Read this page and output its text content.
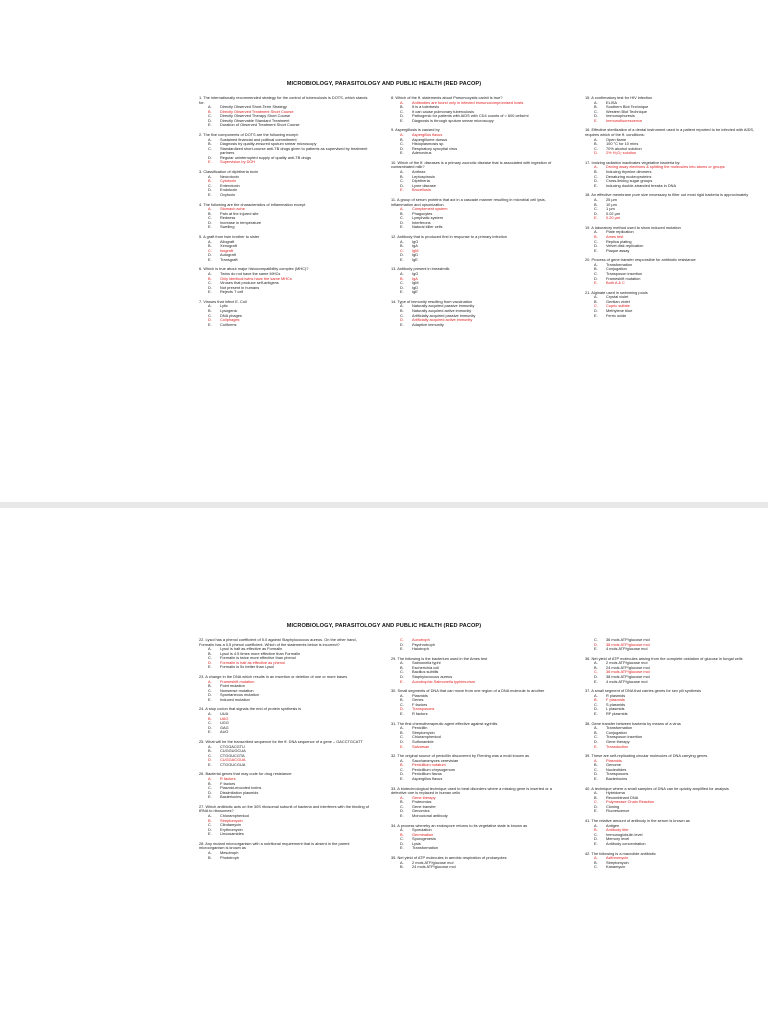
MICROBIOLOGY, PARASITOLOGY AND PUBLIC HEALTH (RED PACOP)
1. The internationally recommended strategy for the control of tuberculosis is DOTS, which stands for:
A.	Directly Observed Short-Term Strategy
B.	Directly Observed Treatment Short Course
C.	Directly Observed Therapy Short Course
D.	Directly Observable Standard Treatment
E.	Duration of Observed Treatment Short Course
2. The five components of DOTS are the following except:
A.	Sustained financial and political commitment
B.	Diagnosis by quality-ensured sputum smear microscopy
C.	Standardized short-course anti-TB drugs given to patients as supervised by treatment partners
D.	Regular uninterrupted supply of quality anti-TB drugs
E.	Supervision by DOH
3. Classification of diphtheria toxin
A.	Neurotoxin
B.	Cytotoxin
C.	Enterotoxin
D.	Endotoxin
E.	Oxytoxin
4. The following are the characteristics of inflammation except
A.	Stomach ache
B.	Pain at the injured site
C.	Redness
D.	Increase in temperature
E.	Swelling
5. A graft from twin brother to sister
A.	Allograft
B.	Xenograft
C.	Isograft
D.	Autograft
E.	Transgraft
6. Which is true about major histocompatibility complex (MHC)?
A.	Twins do not have the same MHCs
B.	Only identical twins have the same MHCs
C.	Viruses that produce self-antigens
D.	Not present in humans
E.	Rejects T cell
7. Viruses that infect E. Coli
A.	Lytic
B.	Lysogenic
C.	DNA phages
D.	Coliphages
E.	Coliforms
8. Which of the ff. statements about Pneumocystis carinii is true?
A.	Antibodies are found only in infected immunocompromised hosts
B.	It is a tolerbesis
C.	It can cause pulmonary tuberculosis
D.	Pathogenic for patients with AIDS with CD4 counts of > 600 cells/ml
E.	Diagnosis is through sputum smear microscopy
9. Aspergillosis is caused by
A.	Aspergillus flavus
B.	Aspergillome dorsus
C.	Histoplasmosis sp.
D.	Respiratory syncytial virus
E.	Adenovirus
10. Which of the ff. diseases is a primary zoonotic disease that is associated with ingestion of contaminated milk?
A.	Anthrax
B.	Leptospirosis
C.	Diphtheria
D.	Lyme disease
E.	Brucellosis
11. A group of serum proteins that act in a cascade manner resulting in microbial cell lysis, inflammation and opsonization.
A.	Complement system
B.	Phagocytes
C.	Lymphatic system
D.	Interferons
E.	Natural killer cells
12. Antibody that is produced first in response to a primary infection
A.	IgG
B.	IgA
C.	IgM
D.	IgD
E.	IgE
13. Antibody present in breastmilk
A.	IgG
B.	IgA
C.	IgM
D.	IgD
E.	IgE
14. Type of immunity resulting from vaccination
A.	Naturally acquired passive immunity
B.	Naturally acquired active immunity
C.	Artificially acquired passive immunity
D.	Artificially acquired active immunity
E.	Adaptive immunity
15. A confirmatory test for HIV infection
A.	ELISA
B.	Southern Blot Technique
C.	Western Blot Technique
D.	Immunophoresis
E.	Immunofluorescence
16. Effective sterilization of a dental instrument used in a patient reported to be infected with AIDS, requires which of the ff. conditions:
A.	Open flame
B.	100 °C for 10 mins
C.	70% alcohol solution
D.	2% H₂O₂ solution
17. Ionizing radiation inactivates vegetative bacteria by:
A.	Driving away electrons & splitting the molecules into atoms or groups
B.	Inducing thymine dimmers
C.	Denaturing nucleoproteins
D.	Cross-linking sugar groups
E.	Inducing double-stranded breaks in DNA
18. An effective membrane pore size necessary to filter out most rigid bacteria is approximately
A.	25 µm
B.	10 µm
C.	1 µm
D.	0.02 µm
E.	0.20 µm
19. A laboratory method used to show induced mutation
A.	Plate replication
B.	Ames test
C.	Replica plating
D.	Velvet disk replication
E.	Plaque assay
20. Process of gene transfer responsible for antibiotic resistance
A.	Transformation
B.	Conjugation
C.	Transposon insertion
D.	Frameshift mutation
E.	Both A & C
21. Alginate used in swimming pools
A.	Crystal violet
B.	Gentian violet
C.	Cupric sulfate
D.	Methylene blue
E.	Ferric oxide
MICROBIOLOGY, PARASITOLOGY AND PUBLIC HEALTH (RED PACOP)
22. Lysol has a phenol coefficient of 5.0 against Staphylococcus aureus. On the other hand, Formalin has a 0.5 phenol coefficient. Which of the statements below is incorrect?
A.	Lysol is half as effective as Formalin
B.	Lysol is 4.5 times more effective than Formalin
C.	Formalin is twice more effective than phenol
D.	Formalin is half as effective as phenol
E.	Formalin is 5x better than Lysol
23. A change in the DNA which results in an insertion or deletion of one or more bases
A.	Frameshift mutation
B.	Point mutation
C.	Nonsense mutation
D.	Spontaneous mutation
E.	Induced mutation
24. A stop codon that signals the end of protein synthesis is
A.	UUA
B.	UAG
C.	UGG
D.	GAG
E.	AUG
25. What will be the transcribed sequence for the ff. DNA sequence of a gene – GACCTGCATT
A.	CTGGACGTU
B.	CUGGUGCUA
C.	CTGGUCGTA
D.	CUGGACGUA
E.	CTGGUCGUA
26. Bacterial genes that may code for drug resistance:
A.	R factors
B.	F factors
C.	Plasmid-encoded toxins
D.	Dissimilation plasmids
E.	Bacteriocins
27. Which antibiotic acts on the 30S ribosomal subunit of bacteria and interferes with the binding of tRNA to ribosomes?
A.	Chloramphenicol
B.	Streptomycin
C.	Clindamycin
D.	Erythromycin
E.	Lincosamides
28. Any mutant microorganism with a nutritional requirement that is absent in the parent microorganism is known as
A.	Mesotroph
B.	Phototroph
C.	Auxotroph
D.	Psychrotroph
E.	Halotroph
29. The following is the bacterium used in the Ames test
A.	Salmonella typhi
B.	Escherichia coli
C.	Bacillus subtilis
D.	Staphylococcus aureus
E.	Auxotrophic Salmonella typhimurium
30. Small segments of DNA that can move from one region of a DNA molecule to another
A.	Plasmids
B.	Genes
C.	F factors
D.	Transposons
E.	R factors
31. The first chemotherapeutic agent effective against syphilis
A.	Penicillin
B.	Streptomycin
C.	Chloramphenicol
D.	Sulfonamide
E.	Salvarsan
32. The original source of penicillin discovered by Fleming was a mold known as
A.	Saccharomyces cerevisiae
B.	Penicillium notatum
C.	Penicillium chrysogenum
D.	Penicillium flavus
E.	Aspergillus flavus
33. A biotechnological technique used to treat disorders where a missing gene is inserted or a defective one is replaced in human cells
A.	Gene therapy
B.	Proteomics
C.	Gene transfer
D.	Genomics
E.	Monoclonal antibody
34. A process whereby an endospore returns to its vegetative state is known as
A.	Sporulation
B.	Germination
C.	Sporogenesis
D.	Lysis
E.	Transformation
35. Net yield of ATP molecules in aerobic respiration of prokaryotes
A.	2 mols ATP/glucose mol
B.	24 mols ATP/glucose mol
C.	36 mols ATP/glucose mol
D.	38 mols ATP/glucose mol
E.	4 mols ATP/glucose mol
36. Net yield of ATP molecules arising from the complete oxidation of glucose in fungal cells
A.	2 mols ATP/glucose mol
B.	24 mols ATP/glucose mol
C.	36 mols ATP/glucose mol
D.	38 mols ATP/glucose mol
E.	4 mols ATP/glucose mol
37. A small segment of DNA that carries genes for sex pili synthesis
A.	R plasmids
B.	F plasmids
C.	S plasmids
D.	L plasmids
E.	RF plasmids
38. Gene transfer between bacteria by means of a virus
A.	Transformation
B.	Conjugation
C.	Transposon insertion
D.	Gene therapy
E.	Transduction
39. These are self-replicating circular molecules of DNA carrying genes
A.	Plasmids
B.	Genome
C.	Nucleotides
D.	Transposons
E.	Bacteriocins
40. A technique where a small samples of DNA can be quickly amplified for analysis
A.	Hybridoma
B.	Recombinant DNA
C.	Polymerase Chain Reaction
D.	Cloning
E.	Fluorescence
41. The relative amount of antibody in the serum is known as
A.	Antigen
B.	Antibody titer
C.	Immunoglobulin level
D.	Memory level
E.	Antibody concentration
42. The following is a macrolide antibiotic
A.	Azithromycin
B.	Streptomycin
C.	Kanamycin
